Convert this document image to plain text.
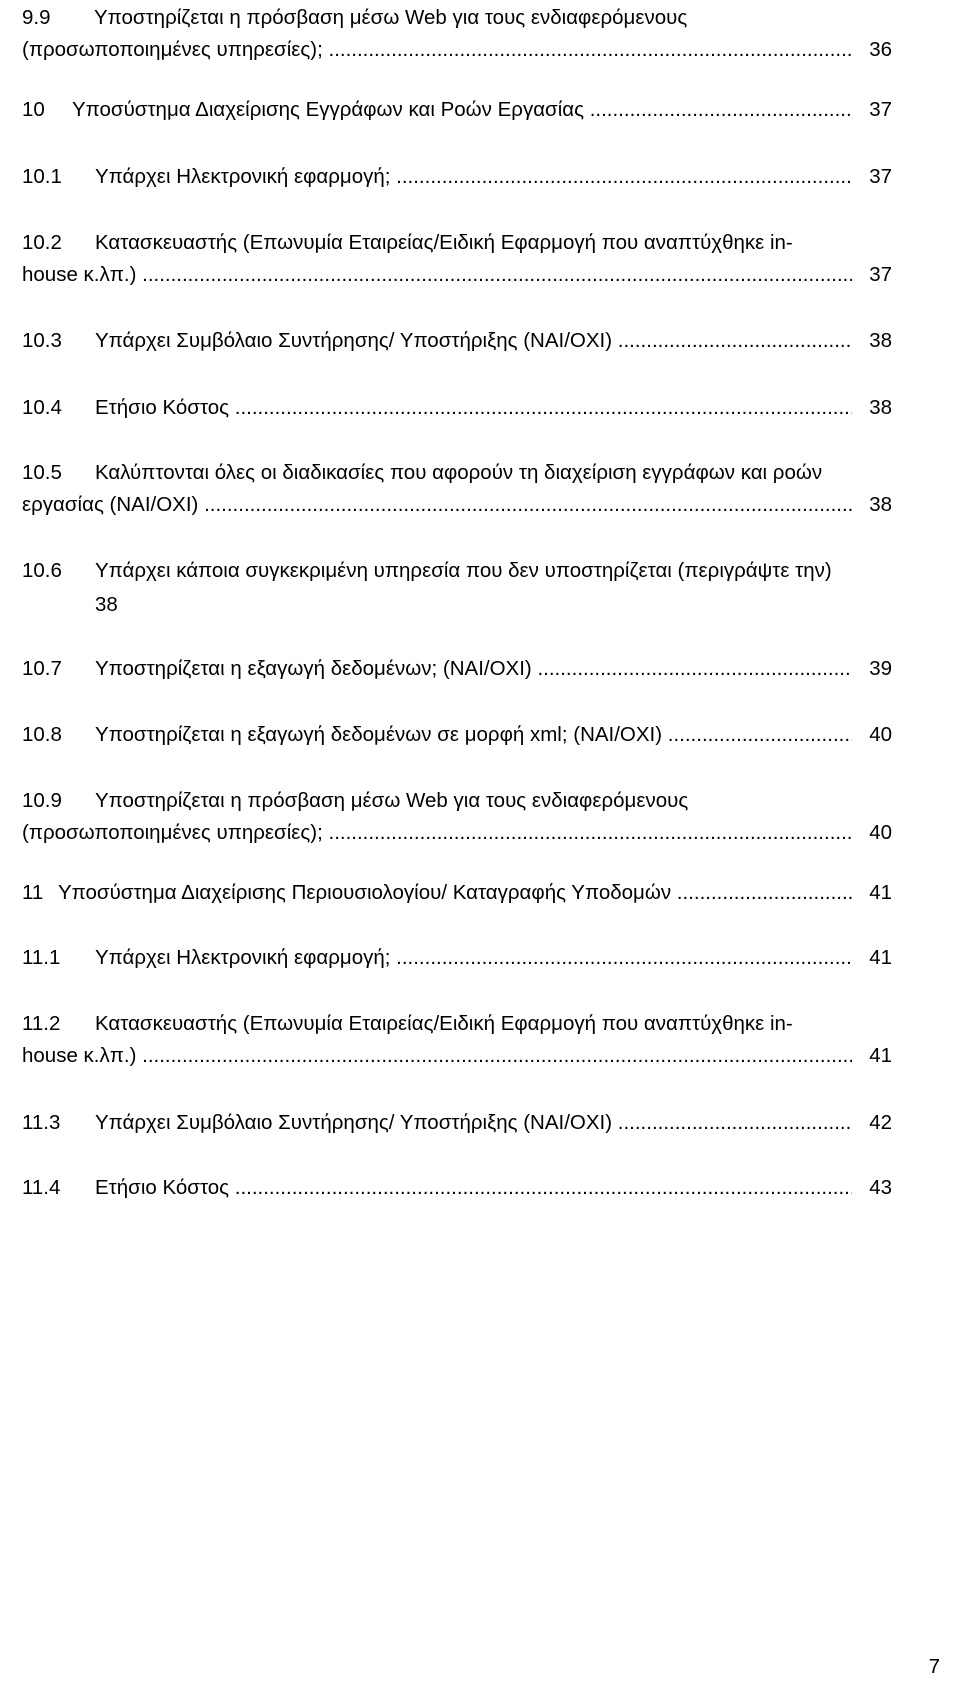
9.9 Υποστηρίζεται η πρόσβαση μέσω Web για τους ενδιαφερόμενους
(προσωποποιημένες υπηρεσίες); .....	36
10 Υποσύστημα Διαχείρισης Εγγράφων και Ροών Εργασίας .....	37
10.1 Υπάρχει Ηλεκτρονική εφαρμογή; .....	37
10.2 Κατασκευαστής (Επωνυμία Εταιρείας/Ειδική Εφαρμογή που αναπτύχθηκε in-
house κ.λπ.) .....	37
10.3 Υπάρχει Συμβόλαιο Συντήρησης/ Υποστήριξης (ΝΑΙ/ΟΧΙ) .....	38
10.4 Ετήσιο Κόστος .....	38
10.5 Καλύπτονται όλες οι διαδικασίες που αφορούν τη διαχείριση εγγράφων και ροών
εργασίας (ΝΑΙ/ΟΧΙ) .....	38
10.6 Υπάρχει κάποια συγκεκριμένη υπηρεσία που δεν υποστηρίζεται (περιγράψτε την)
38
10.7 Υποστηρίζεται η εξαγωγή δεδομένων; (ΝΑΙ/ΟΧΙ) .....	39
10.8 Υποστηρίζεται η εξαγωγή δεδομένων σε μορφή xml; (ΝΑΙ/ΟΧΙ) .....	40
10.9 Υποστηρίζεται η πρόσβαση μέσω Web για τους ενδιαφερόμενους
(προσωποποιημένες υπηρεσίες); .....	40
11 Υποσύστημα Διαχείρισης Περιουσιολογίου/ Καταγραφής Υποδομών .....	41
11.1 Υπάρχει Ηλεκτρονική εφαρμογή; .....	41
11.2 Κατασκευαστής (Επωνυμία Εταιρείας/Ειδική Εφαρμογή που αναπτύχθηκε in-
house κ.λπ.) .....	41
11.3 Υπάρχει Συμβόλαιο Συντήρησης/ Υποστήριξης (ΝΑΙ/ΟΧΙ) .....	42
11.4 Ετήσιο Κόστος .....	43
7
